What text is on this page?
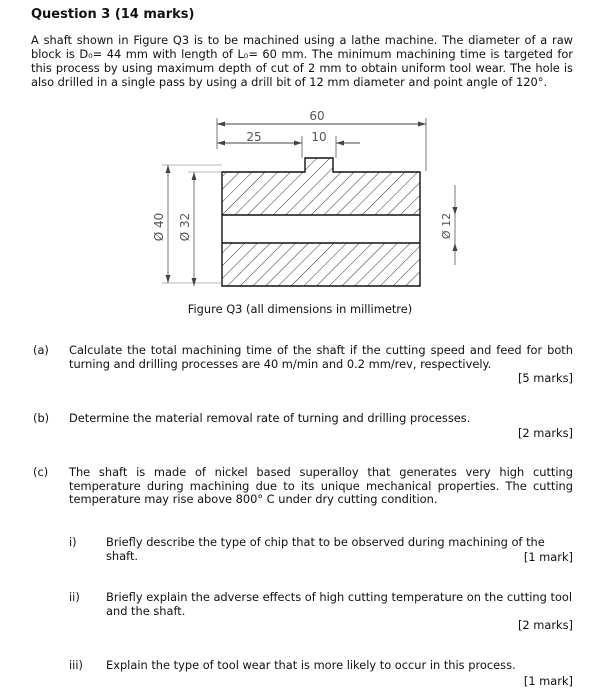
Question 3 (14 marks)
A shaft shown in Figure Q3 is to be machined using a lathe machine. The diameter of a raw block is D₀= 44 mm with length of L₀= 60 mm. The minimum machining time is targeted for this process by using maximum depth of cut of 2 mm to obtain uniform tool wear. The hole is also drilled in a single pass by using a drill bit of 12 mm diameter and point angle of 120°.
60
25	10
Ø 40 Ø 32	Ø 12
Figure Q3 (all dimensions in millimetre)
(a) Calculate the total machining time of the shaft if the cutting speed and feed for both turning and drilling processes are 40 m/min and 0.2 mm/rev, respectively.
[5 marks]
(b) Determine the material removal rate of turning and drilling processes.
[2 marks]
(c) The shaft is made of nickel based superalloy that generates very high cutting temperature during machining due to its unique mechanical properties. The cutting temperature may rise above 800° C under dry cutting condition.
i)	Briefly describe the type of chip that to be observed during machining of the shaft.	[1 mark]
ii) Briefly explain the adverse effects of high cutting temperature on the cutting tool and the shaft.
[2 marks]
iii) Explain the type of tool wear that is more likely to occur in this process.
[1 mark]
